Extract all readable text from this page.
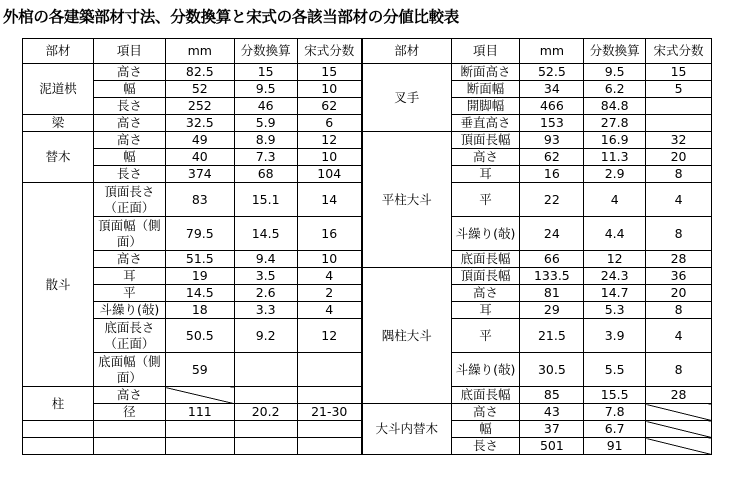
外棺の各建築部材寸法、分数換算と宋式の各該当部材の分値比較表
部材	項目	mm	分数換算	宋式分数	部材	項目	mm	分数換算	宋式分数
泥道栱	高さ	82.5	15	15	叉手	断面高さ	52.5	9.5	15
	幅	52	9.5	10		断面幅	34	6.2	5
	長さ	252	46	62		開脚幅	466	84.8	
梁	高さ	32.5	5.9	6		垂直高さ	153	27.8	
替木	高さ	49	8.9	12	平柱大斗	頂面長幅	93	16.9	32
	幅	40	7.3	10		高さ	62	11.3	20
	長さ	374	68	104		耳	16	2.9	8
散斗	頂面長さ（正面）	83	15.1	14		平	22	4	4
	頂面幅（側面）	79.5	14.5	16		斗繰り(敧)	24	4.4	8
	高さ	51.5	9.4	10		底面長幅	66	12	28
	耳	19	3.5	4	隅柱大斗	頂面長幅	133.5	24.3	36
	平	14.5	2.6	2		高さ	81	14.7	20
	斗繰り(敧)	18	3.3	4		耳	29	5.3	8
	底面長さ（正面）	50.5	9.2	12		平	21.5	3.9	4
	底面幅（側面）	59				斗繰り(敧)	30.5	5.5	8
柱	高さ					底面長幅	85	15.5	28
	径	111	20.2	21-30	大斗内替木	高さ	43	7.8	
						幅	37	6.7	
						長さ	501	91	
